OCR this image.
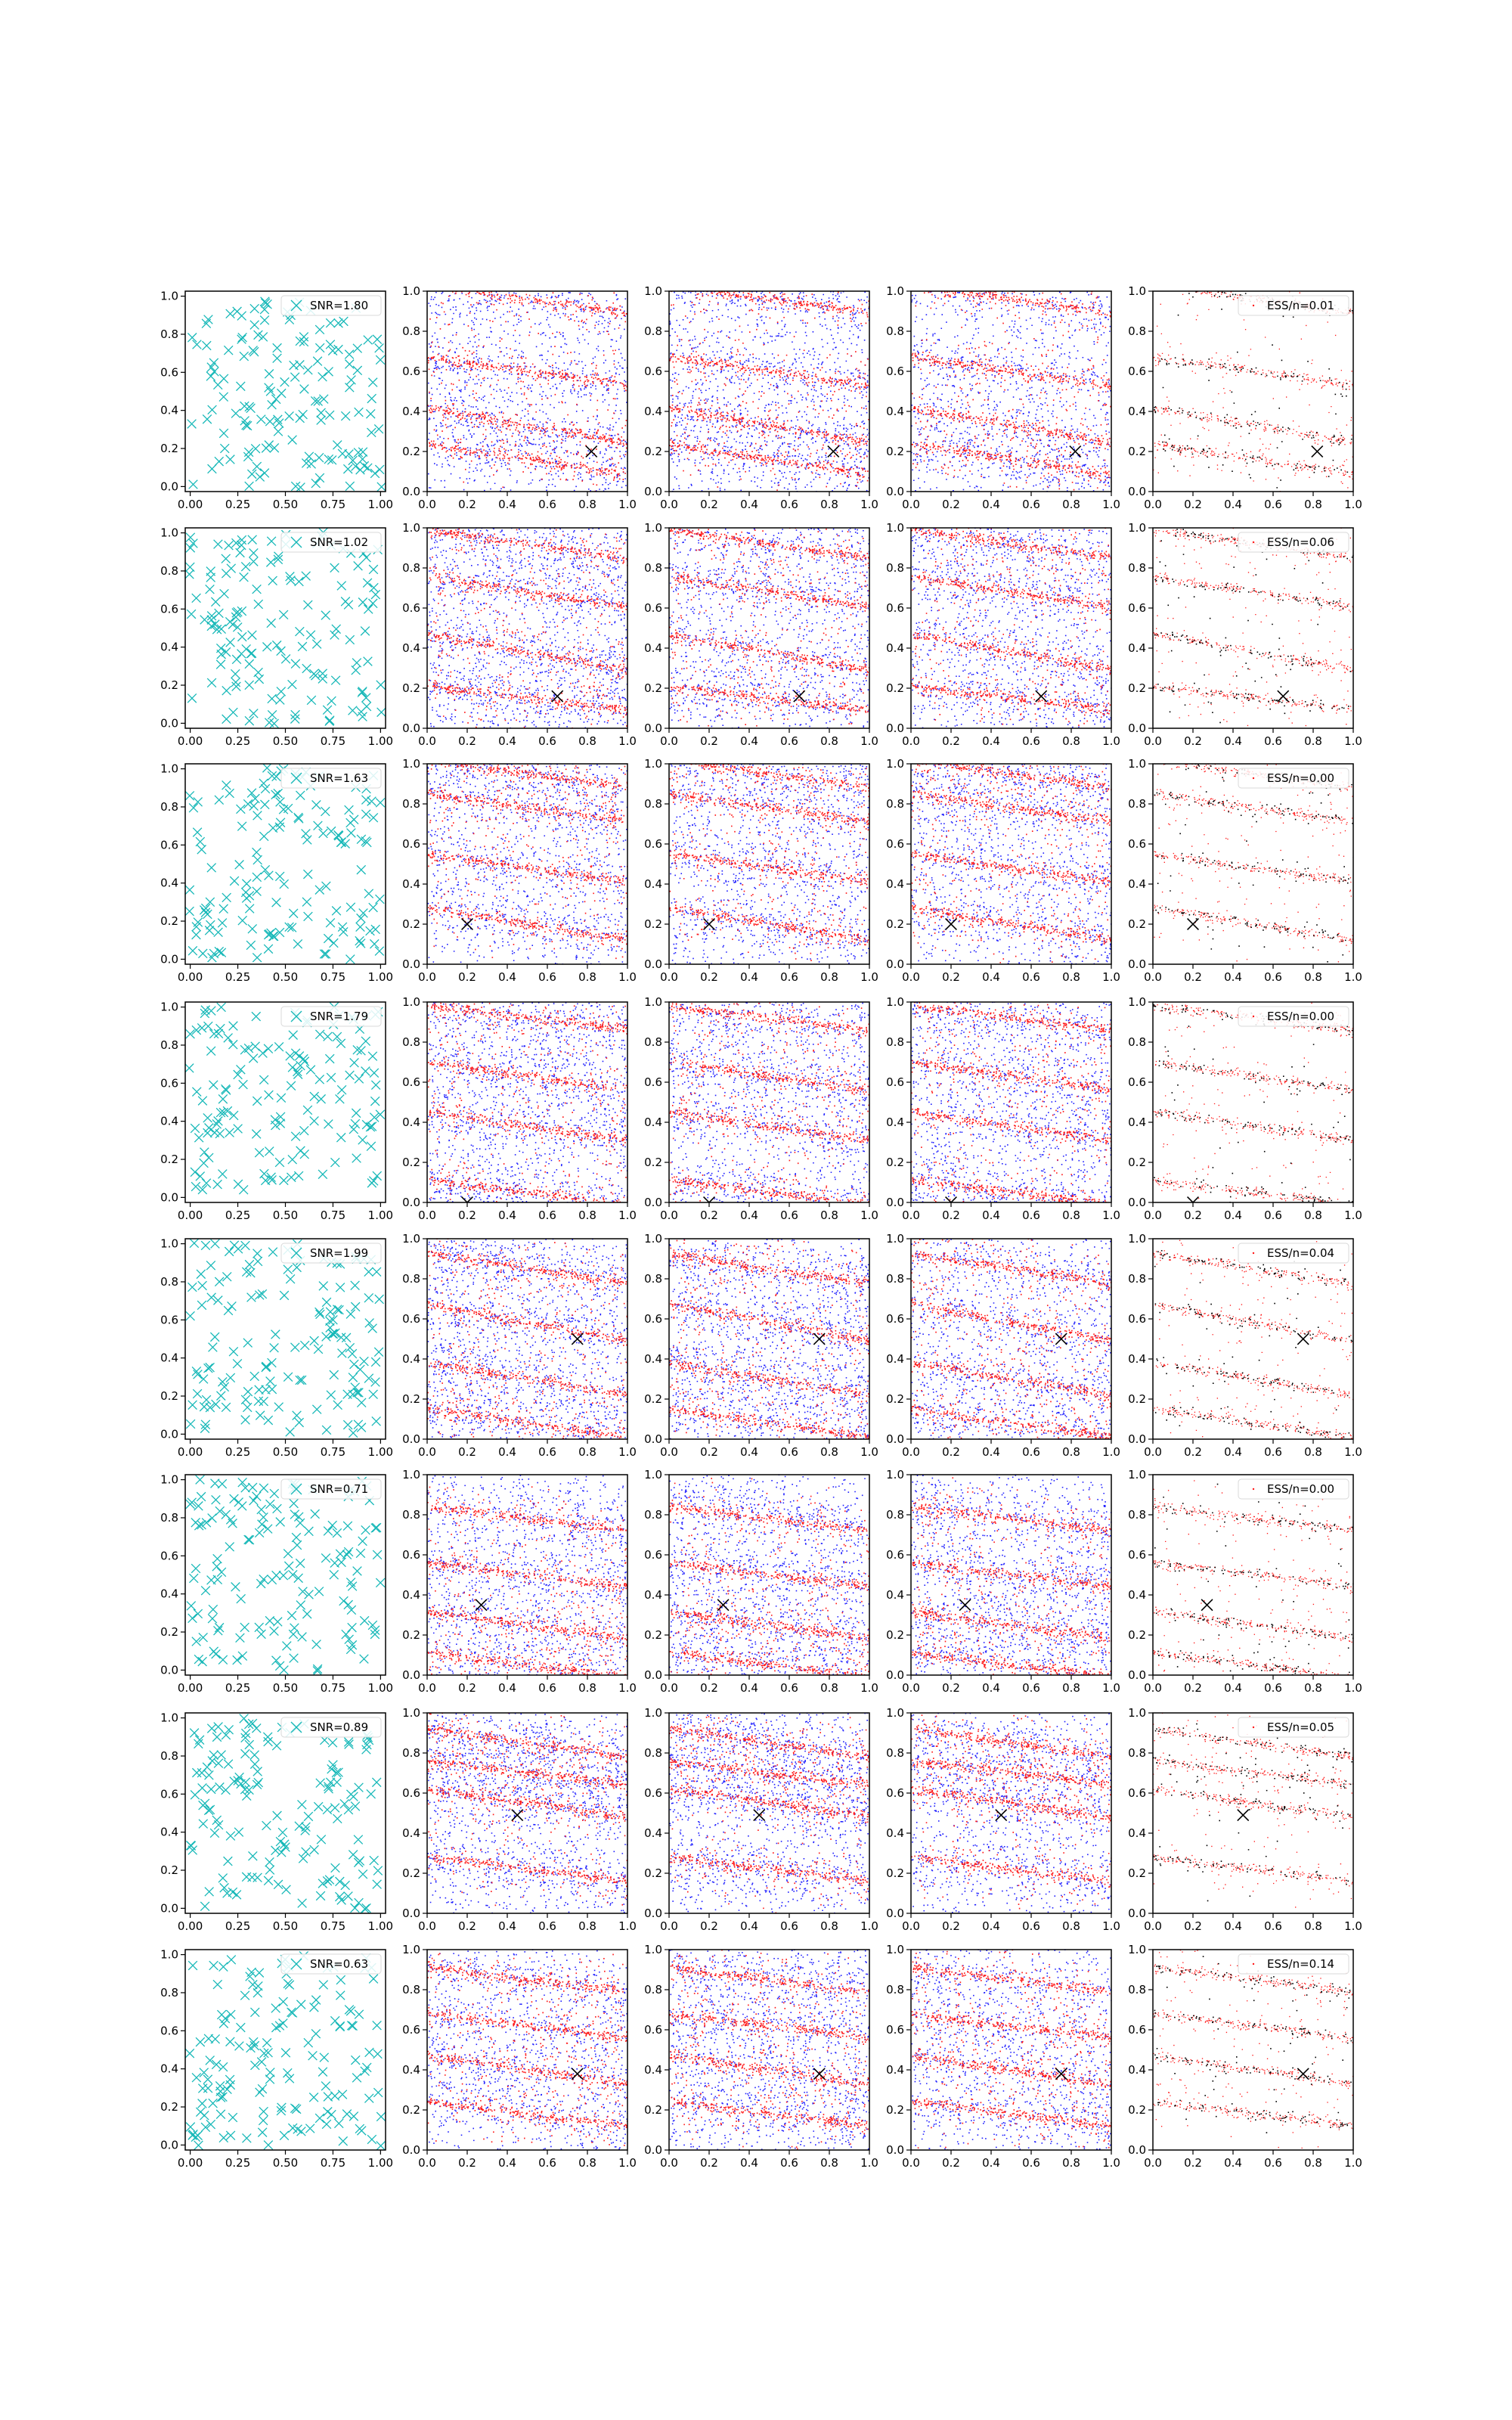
0.00 0.25 0.50 0.75 1.00
0.0
0.2
0.4
0.6
0.8
1.0
SNR=1.80
0.0 0.2 0.4 0.6 0.8 1.0
0.0
0.2
0.4
0.6
0.8
1.0
0.0 0.2 0.4 0.6 0.8 1.0
0.0
0.2
0.4
0.6
0.8
1.0
0.0 0.2 0.4 0.6 0.8 1.0
0.0
0.2
0.4
0.6
0.8
1.0
0.0 0.2 0.4 0.6 0.8 1.0
0.0
0.2
0.4
0.6
0.8
1.0
ESS/n=0.01
0.00 0.25 0.50 0.75 1.00
0.0
0.2
0.4
0.6
0.8
1.0
SNR=1.02
0.0 0.2 0.4 0.6 0.8 1.0
0.0
0.2
0.4
0.6
0.8
1.0
0.0 0.2 0.4 0.6 0.8 1.0
0.0
0.2
0.4
0.6
0.8
1.0
0.0 0.2 0.4 0.6 0.8 1.0
0.0
0.2
0.4
0.6
0.8
1.0
0.0 0.2 0.4 0.6 0.8 1.0
0.0
0.2
0.4
0.6
0.8
1.0
ESS/n=0.06
0.00 0.25 0.50 0.75 1.00
0.0
0.2
0.4
0.6
0.8
1.0
SNR=1.63
0.0 0.2 0.4 0.6 0.8 1.0
0.0
0.2
0.4
0.6
0.8
1.0
0.0 0.2 0.4 0.6 0.8 1.0
0.0
0.2
0.4
0.6
0.8
1.0
0.0 0.2 0.4 0.6 0.8 1.0
0.0
0.2
0.4
0.6
0.8
1.0
0.0 0.2 0.4 0.6 0.8 1.0
0.0
0.2
0.4
0.6
0.8
1.0
ESS/n=0.00
0.00 0.25 0.50 0.75 1.00
0.0
0.2
0.4
0.6
0.8
1.0
SNR=1.79
0.0 0.2 0.4 0.6 0.8 1.0
0.0
0.2
0.4
0.6
0.8
1.0
0.0 0.2 0.4 0.6 0.8 1.0
0.0
0.2
0.4
0.6
0.8
1.0
0.0 0.2 0.4 0.6 0.8 1.0
0.0
0.2
0.4
0.6
0.8
1.0
0.0 0.2 0.4 0.6 0.8 1.0
0.0
0.2
0.4
0.6
0.8
1.0
ESS/n=0.00
0.00 0.25 0.50 0.75 1.00
0.0
0.2
0.4
0.6
0.8
1.0
SNR=1.99
0.0 0.2 0.4 0.6 0.8 1.0
0.0
0.2
0.4
0.6
0.8
1.0
0.0 0.2 0.4 0.6 0.8 1.0
0.0
0.2
0.4
0.6
0.8
1.0
0.0 0.2 0.4 0.6 0.8 1.0
0.0
0.2
0.4
0.6
0.8
1.0
0.0 0.2 0.4 0.6 0.8 1.0
0.0
0.2
0.4
0.6
0.8
1.0
ESS/n=0.04
0.00 0.25 0.50 0.75 1.00
0.0
0.2
0.4
0.6
0.8
1.0
SNR=0.71
0.0 0.2 0.4 0.6 0.8 1.0
0.0
0.2
0.4
0.6
0.8
1.0
0.0 0.2 0.4 0.6 0.8 1.0
0.0
0.2
0.4
0.6
0.8
1.0
0.0 0.2 0.4 0.6 0.8 1.0
0.0
0.2
0.4
0.6
0.8
1.0
0.0 0.2 0.4 0.6 0.8 1.0
0.0
0.2
0.4
0.6
0.8
1.0
ESS/n=0.00
0.00 0.25 0.50 0.75 1.00
0.0
0.2
0.4
0.6
0.8
1.0
SNR=0.89
0.0 0.2 0.4 0.6 0.8 1.0
0.0
0.2
0.4
0.6
0.8
1.0
0.0 0.2 0.4 0.6 0.8 1.0
0.0
0.2
0.4
0.6
0.8
1.0
0.0 0.2 0.4 0.6 0.8 1.0
0.0
0.2
0.4
0.6
0.8
1.0
0.0 0.2 0.4 0.6 0.8 1.0
0.0
0.2
0.4
0.6
0.8
1.0
ESS/n=0.05
0.00 0.25 0.50 0.75 1.00
0.0
0.2
0.4
0.6
0.8
1.0
SNR=0.63
0.0 0.2 0.4 0.6 0.8 1.0
0.0
0.2
0.4
0.6
0.8
1.0
0.0 0.2 0.4 0.6 0.8 1.0
0.0
0.2
0.4
0.6
0.8
1.0
0.0 0.2 0.4 0.6 0.8 1.0
0.0
0.2
0.4
0.6
0.8
1.0
0.0 0.2 0.4 0.6 0.8 1.0
0.0
0.2
0.4
0.6
0.8
1.0
ESS/n=0.14
